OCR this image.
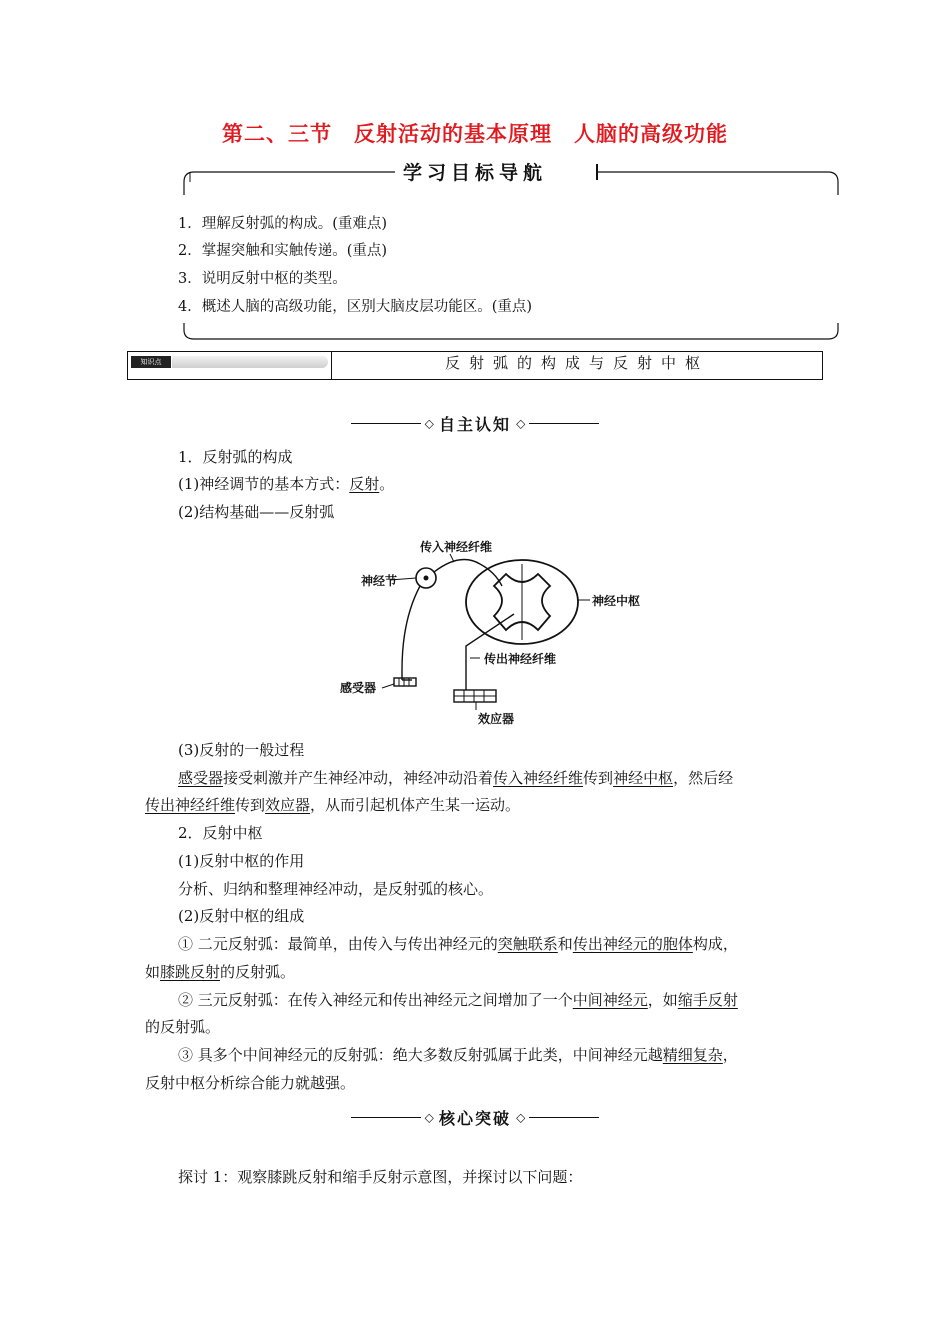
第二、三节　反射活动的基本原理　人脑的高级功能
学习目标导航
1．理解反射弧的构成。(重难点)
2．掌握突触和实触传递。(重点)
3．说明反射中枢的类型。
4．概述人脑的高级功能，区别大脑皮层功能区。(重点)
知识点	反射弧的构成与反射中枢
◇ 自主认知 ◇
1．反射弧的构成
(1)神经调节的基本方式：反射。
(2)结构基础——反射弧
传入神经纤维
神经节
神经中枢
传出神经纤维
感受器
效应器
(3)反射的一般过程
感受器接受刺激并产生神经冲动，神经冲动沿着传入神经纤维传到神经中枢，然后经
传出神经纤维传到效应器，从而引起机体产生某一运动。
2．反射中枢
(1)反射中枢的作用
分析、归纳和整理神经冲动，是反射弧的核心。
(2)反射中枢的组成
① 二元反射弧：最简单，由传入与传出神经元的突触联系和传出神经元的胞体构成，
如膝跳反射的反射弧。
② 三元反射弧：在传入神经元和传出神经元之间增加了一个中间神经元，如缩手反射
的反射弧。
③ 具多个中间神经元的反射弧：绝大多数反射弧属于此类，中间神经元越精细复杂，
反射中枢分析综合能力就越强。
◇ 核心突破 ◇
探讨 1：观察膝跳反射和缩手反射示意图，并探讨以下问题：
